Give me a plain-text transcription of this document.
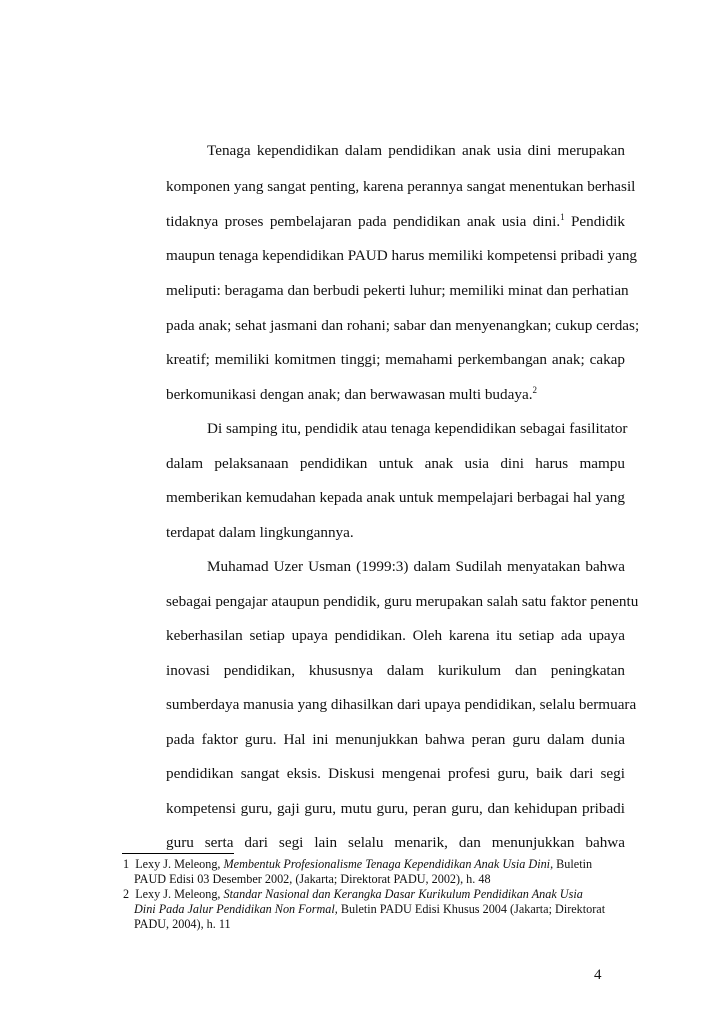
Tenaga kependidikan dalam pendidikan anak usia dini merupakan
komponen yang sangat penting, karena perannya sangat menentukan berhasil
tidaknya proses pembelajaran pada pendidikan anak usia dini.$^1$ Pendidik
maupun tenaga kependidikan PAUD harus memiliki kompetensi pribadi yang
meliputi: beragama dan berbudi pekerti luhur; memiliki minat dan perhatian
pada anak; sehat jasmani dan rohani; sabar dan menyenangkan; cukup cerdas;
kreatif; memiliki komitmen tinggi; memahami perkembangan anak; cakap
berkomunikasi dengan anak; dan berwawasan multi budaya.$^2$
Di samping itu, pendidik atau tenaga kependidikan sebagai fasilitator
dalam pelaksanaan pendidikan untuk anak usia dini harus mampu
memberikan kemudahan kepada anak untuk mempelajari berbagai hal yang
terdapat dalam lingkungannya.
Muhamad Uzer Usman (1999:3) dalam Sudilah menyatakan bahwa
sebagai pengajar ataupun pendidik, guru merupakan salah satu faktor penentu
keberhasilan setiap upaya pendidikan. Oleh karena itu setiap ada upaya
inovasi pendidikan, khususnya dalam kurikulum dan peningkatan
sumberdaya manusia yang dihasilkan dari upaya pendidikan, selalu bermuara
pada faktor guru. Hal ini menunjukkan bahwa peran guru dalam dunia
pendidikan sangat eksis. Diskusi mengenai profesi guru, baik dari segi
kompetensi guru, gaji guru, mutu guru, peran guru, dan kehidupan pribadi
guru serta dari segi lain selalu menarik, dan menunjukkan bahwa
1 Lexy J. Meleong, Membentuk Profesionalisme Tenaga Kependidikan Anak Usia Dini, Buletin
PAUD Edisi 03 Desember 2002, (Jakarta; Direktorat PADU, 2002), h. 48
2 Lexy J. Meleong, Standar Nasional dan Kerangka Dasar Kurikulum Pendidikan Anak Usia
Dini Pada Jalur Pendidikan Non Formal, Buletin PADU Edisi Khusus 2004 (Jakarta; Direktorat
PADU, 2004), h. 11
4
